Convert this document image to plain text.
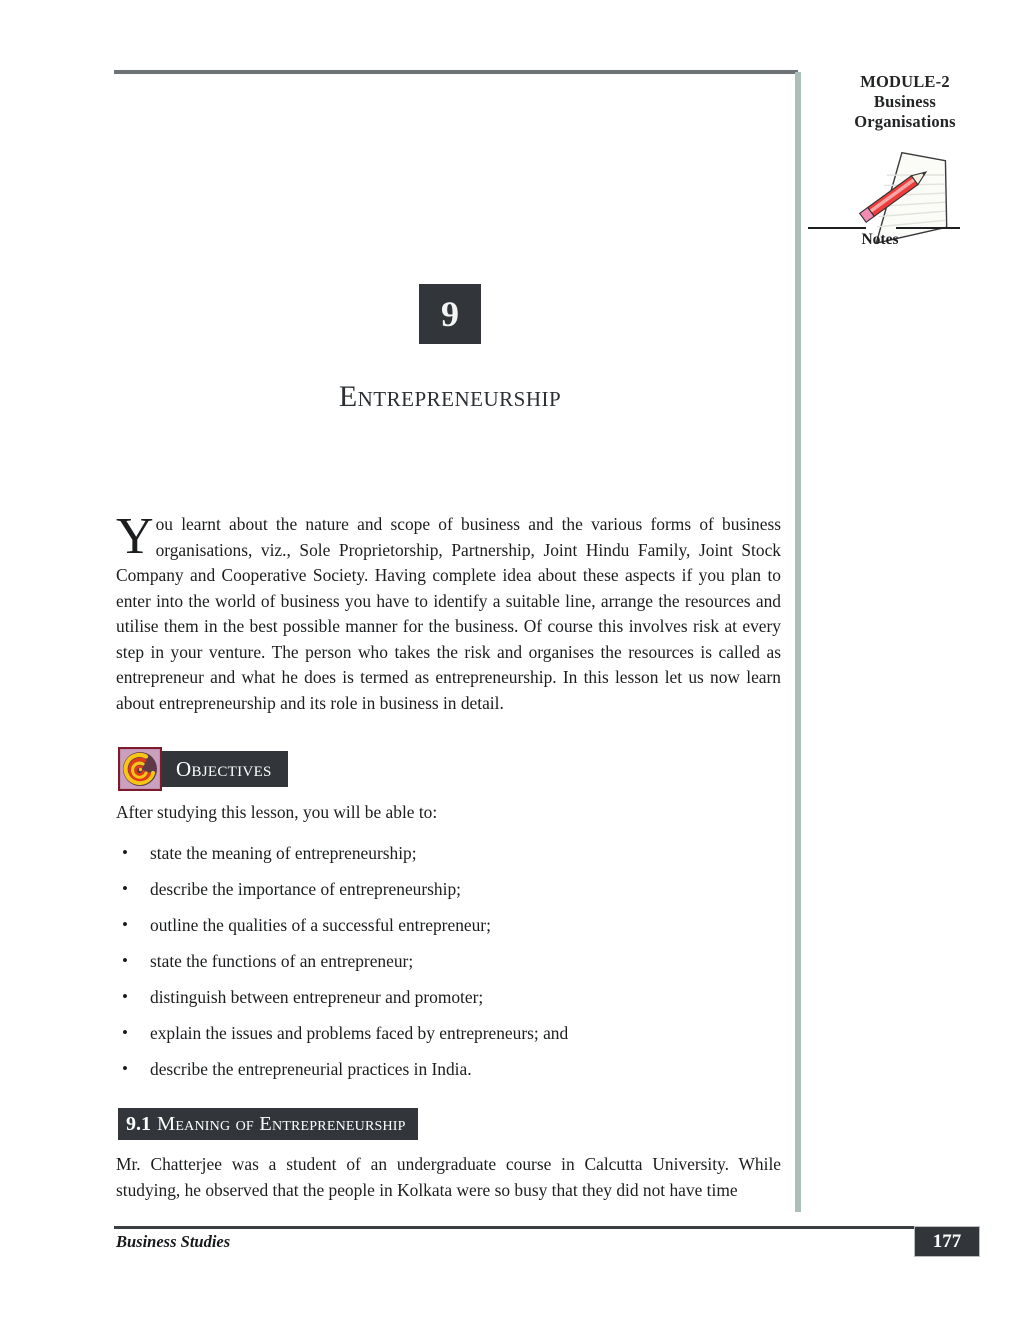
MODULE-2
Business
Organisations
Notes
9
Entrepreneurship

You learnt about the nature and scope of business and the various forms of business organisations, viz., Sole Proprietorship, Partnership, Joint Hindu Family, Joint Stock Company and Cooperative Society. Having complete idea about these aspects if you plan to enter into the world of business you have to identify a suitable line, arrange the resources and utilise them in the best possible manner for the business. Of course this involves risk at every step in your venture. The person who takes the risk and organises the resources is called as entrepreneur and what he does is termed as entrepreneurship. In this lesson let us now learn about entrepreneurship and its role in business in detail.

Objectives
After studying this lesson, you will be able to:
• state the meaning of entrepreneurship;
• describe the importance of entrepreneurship;
• outline the qualities of a successful entrepreneur;
• state the functions of an entrepreneur;
• distinguish between entrepreneur and promoter;
• explain the issues and problems faced by entrepreneurs; and
• describe the entrepreneurial practices in India.
9.1 Meaning of Entrepreneurship

Mr. Chatterjee was a student of an undergraduate course in Calcutta University. While studying, he observed that the people in Kolkata were so busy that they did not have time

Business Studies	177
